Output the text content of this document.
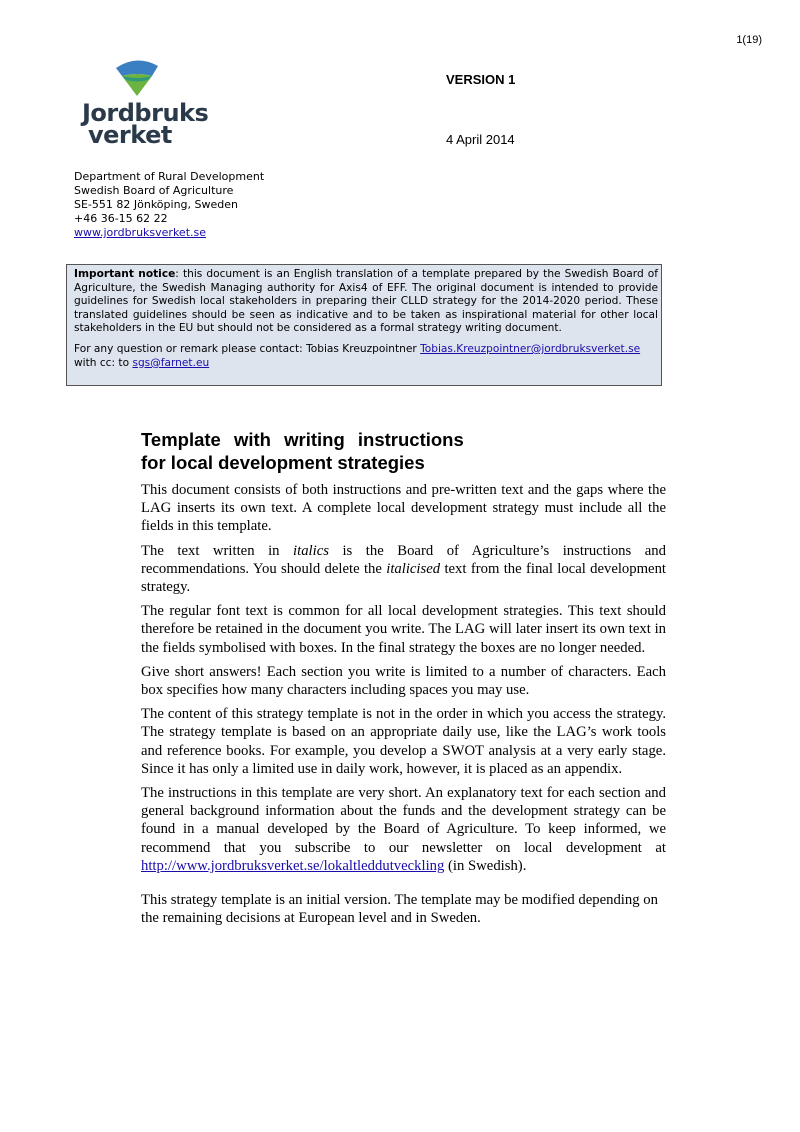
1(19)
Jordbruks
verket
VERSION 1
4 April 2014
Department of Rural Development
Swedish Board of Agriculture
SE-551 82 Jönköping, Sweden
+46 36-15 62 22
www.jordbruksverket.se

Important notice: this document is an English translation of a template prepared by the Swedish Board of Agriculture, the Swedish Managing authority for Axis4 of EFF. The original document is intended to provide guidelines for Swedish local stakeholders in preparing their CLLD strategy for the 2014-2020 period. These translated guidelines should be seen as indicative and to be taken as inspirational material for other local stakeholders in the EU but should not be considered as a formal strategy writing document.

For any question or remark please contact: Tobias Kreuzpointner Tobias.Kreuzpointner@jordbruksverket.se
with cc: to sgs@farnet.eu

Template with writing instructions
for local development strategies

This document consists of both instructions and pre-written text and the gaps where the LAG inserts its own text. A complete local development strategy must include all the fields in this template.

The text written in italics is the Board of Agriculture’s instructions and recommendations. You should delete the italicised text from the final local development strategy.

The regular font text is common for all local development strategies. This text should therefore be retained in the document you write. The LAG will later insert its own text in the fields symbolised with boxes. In the final strategy the boxes are no longer needed.

Give short answers! Each section you write is limited to a number of characters. Each box specifies how many characters including spaces you may use.

The content of this strategy template is not in the order in which you access the strategy. The strategy template is based on an appropriate daily use, like the LAG’s work tools and reference books. For example, you develop a SWOT analysis at a very early stage. Since it has only a limited use in daily work, however, it is placed as an appendix.

The instructions in this template are very short. An explanatory text for each section and general background information about the funds and the development strategy can be found in a manual developed by the Board of Agriculture. To keep informed, we recommend that you subscribe to our newsletter on local development at http://www.jordbruksverket.se/lokaltleddutveckling (in Swedish).

This strategy template is an initial version. The template may be modified depending on the remaining decisions at European level and in Sweden.
